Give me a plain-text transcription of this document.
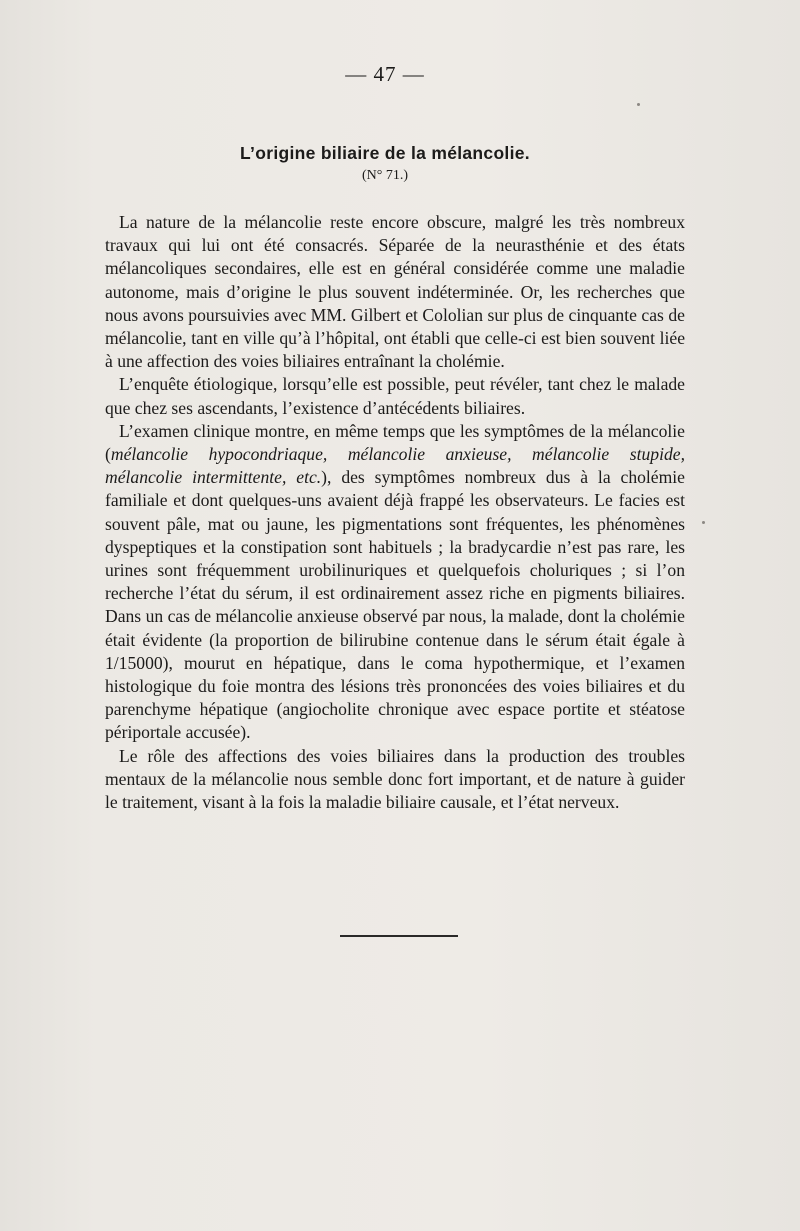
— 47 —
L’origine biliaire de la mélancolie.
(N° 71.)

La nature de la mélancolie reste encore obscure, malgré les très nombreux travaux qui lui ont été consacrés. Séparée de la neurasthénie et des états mélancoliques secondaires, elle est en général considérée comme une maladie autonome, mais d’origine le plus souvent indéterminée. Or, les recherches que nous avons poursuivies avec MM. Gilbert et Cololian sur plus de cinquante cas de mélancolie, tant en ville qu’à l’hôpital, ont établi que celle-ci est bien souvent liée à une affection des voies biliaires entraînant la cholémie.

L’enquête étiologique, lorsqu’elle est possible, peut révéler, tant chez le malade que chez ses ascendants, l’existence d’antécédents biliaires.

L’examen clinique montre, en même temps que les symptômes de la mélancolie (mélancolie hypocondriaque, mélancolie anxieuse, mélancolie stupide, mélancolie intermittente, etc.), des symptômes nombreux dus à la cholémie familiale et dont quelques-uns avaient déjà frappé les observateurs. Le facies est souvent pâle, mat ou jaune, les pigmentations sont fréquentes, les phénomènes dyspeptiques et la constipation sont habituels ; la bradycardie n’est pas rare, les urines sont fréquemment urobilinuriques et quelquefois choluriques ; si l’on recherche l’état du sérum, il est ordinairement assez riche en pigments biliaires. Dans un cas de mélancolie anxieuse observé par nous, la malade, dont la cholémie était évidente (la proportion de bilirubine contenue dans le sérum était égale à 1/15000), mourut en hépatique, dans le coma hypothermique, et l’examen histologique du foie montra des lésions très prononcées des voies biliaires et du parenchyme hépatique (angiocholite chronique avec espace portite et stéatose périportale accusée).

Le rôle des affections des voies biliaires dans la production des troubles mentaux de la mélancolie nous semble donc fort important, et de nature à guider le traitement, visant à la fois la maladie biliaire causale, et l’état nerveux.
